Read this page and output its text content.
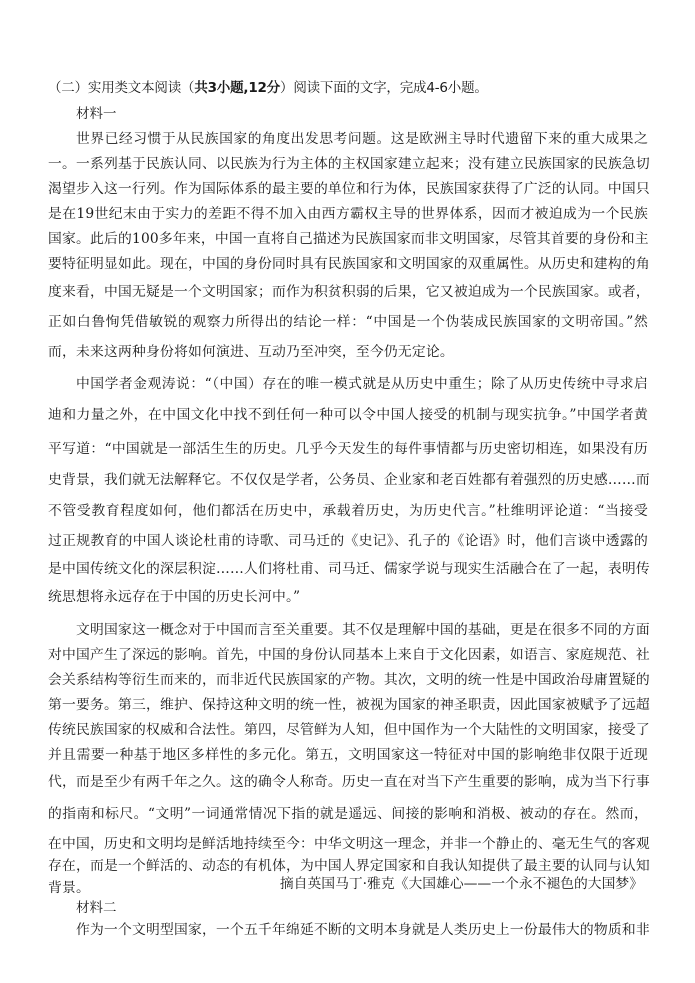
（二）实用类文本阅读（共3小题,12分）阅读下面的文字，完成4-6小题。
材料一
世界已经习惯于从民族国家的角度出发思考问题。这是欧洲主导时代遗留下来的重大成果之
一。一系列基于民族认同、以民族为行为主体的主权国家建立起来；没有建立民族国家的民族急切
渴望步入这一行列。作为国际体系的最主要的单位和行为体，民族国家获得了广泛的认同。中国只
是在19世纪末由于实力的差距不得不加入由西方霸权主导的世界体系，因而才被迫成为一个民族
国家。此后的100多年来，中国一直将自己描述为民族国家而非文明国家，尽管其首要的身份和主
要特征明显如此。现在，中国的身份同时具有民族国家和文明国家的双重属性。从历史和建构的角
度来看，中国无疑是一个文明国家；而作为积贫积弱的后果，它又被迫成为一个民族国家。或者，
正如白鲁恂凭借敏锐的观察力所得出的结论一样：“中国是一个伪装成民族国家的文明帝国。”然
而，未来这两种身份将如何演进、互动乃至冲突，至今仍无定论。
中国学者金观涛说：“（中国）存在的唯一模式就是从历史中重生；除了从历史传统中寻求启
迪和力量之外，在中国文化中找不到任何一种可以令中国人接受的机制与现实抗争。”中国学者黄
平写道：“中国就是一部活生生的历史。几乎今天发生的每件事情都与历史密切相连，如果没有历
史背景，我们就无法解释它。不仅仅是学者，公务员、企业家和老百姓都有着强烈的历史感……而
不管受教育程度如何，他们都活在历史中，承载着历史，为历史代言。”杜维明评论道：“当接受
过正规教育的中国人谈论杜甫的诗歌、司马迁的《史记》、孔子的《论语》时，他们言谈中透露的
是中国传统文化的深层积淀……人们将杜甫、司马迁、儒家学说与现实生活融合在了一起，表明传
统思想将永远存在于中国的历史长河中。”
文明国家这一概念对于中国而言至关重要。其不仅是理解中国的基础，更是在很多不同的方面
对中国产生了深远的影响。首先，中国的身份认同基本上来自于文化因素，如语言、家庭规范、社
会关系结构等衍生而来的，而非近代民族国家的产物。其次，文明的统一性是中国政治母庸置疑的
第一要务。第三，维护、保持这种文明的统一性，被视为国家的神圣职责，因此国家被赋予了远超
传统民族国家的权威和合法性。第四，尽管鲜为人知，但中国作为一个大陆性的文明国家，接受了
并且需要一种基于地区多样性的多元化。第五，文明国家这一特征对中国的影响绝非仅限于近现
代，而是至少有两千年之久。这的确令人称奇。历史一直在对当下产生重要的影响，成为当下行事
的指南和标尺。“文明”一词通常情况下指的就是遥远、间接的影响和消极、被动的存在。然而，
在中国，历史和文明均是鲜活地持续至今：中华文明这一理念，并非一个静止的、毫无生气的客观
存在，而是一个鲜活的、动态的有机体，为中国人界定国家和自我认知提供了最主要的认同与认知
背景。	摘自英国马丁·雅克《大国雄心——一个永不褪色的大国梦》
材料二
作为一个文明型国家，一个五千年绵延不断的文明本身就是人类历史上一份最伟大的物质和非
